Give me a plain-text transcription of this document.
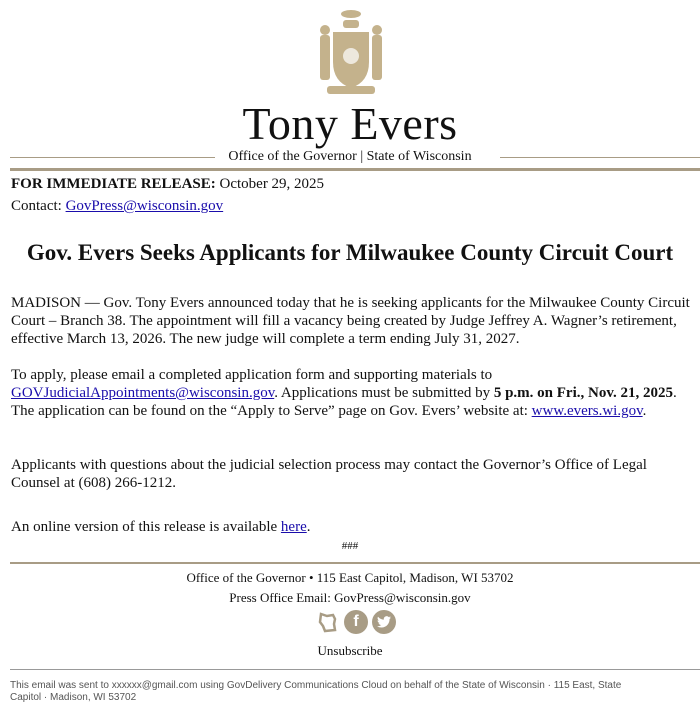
Tony Evers
Office of the Governor | State of Wisconsin
FOR IMMEDIATE RELEASE: October 29, 2025
Contact: GovPress@wisconsin.gov
Gov. Evers Seeks Applicants for Milwaukee County Circuit Court
MADISON — Gov. Tony Evers announced today that he is seeking applicants for the Milwaukee County Circuit Court – Branch 38. The appointment will fill a vacancy being created by Judge Jeffrey A. Wagner’s retirement, effective March 13, 2026. The new judge will complete a term ending July 31, 2027.
To apply, please email a completed application form and supporting materials to GOVJudicialAppointments@wisconsin.gov. Applications must be submitted by 5 p.m. on Fri., Nov. 21, 2025. The application can be found on the “Apply to Serve” page on Gov. Evers’ website at: www.evers.wi.gov.
Applicants with questions about the judicial selection process may contact the Governor’s Office of Legal Counsel at (608) 266-1212.
An online version of this release is available here.
###
Office of the Governor • 115 East Capitol, Madison, WI 53702
Press Office Email: GovPress@wisconsin.gov
f
Unsubscribe
This email was sent to xxxxxx@gmail.com using GovDelivery Communications Cloud on behalf of the State of Wisconsin · 115 East, State Capitol · Madison, WI 53702
